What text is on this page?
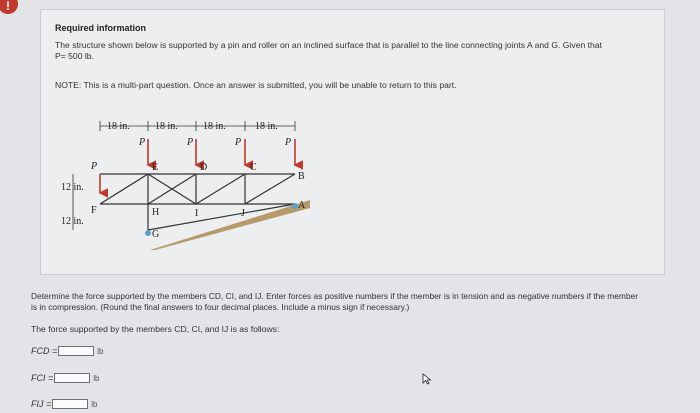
!
Required information
The structure shown below is supported by a pin and roller on an inclined surface that is parallel to the line connecting joints A and G. Given that P= 500 lb.
NOTE: This is a multi-part question. Once an answer is submitted, you will be unable to return to this part.
18 in.	18 in.	18 in.	18 in.
12 in.
12 in.
P	P	P	P
P	E	D	C
B
A
F	H	I	J
G
Determine the force supported by the members CD, CI, and IJ. Enter forces as positive numbers if the member is in tension and as negative numbers if the member is in compression. (Round the final answers to four decimal places. Include a minus sign if necessary.)
The force supported by the members CD, CI, and IJ is as follows:
FCD =	lb
FCI =	lb
FIJ =	lb
